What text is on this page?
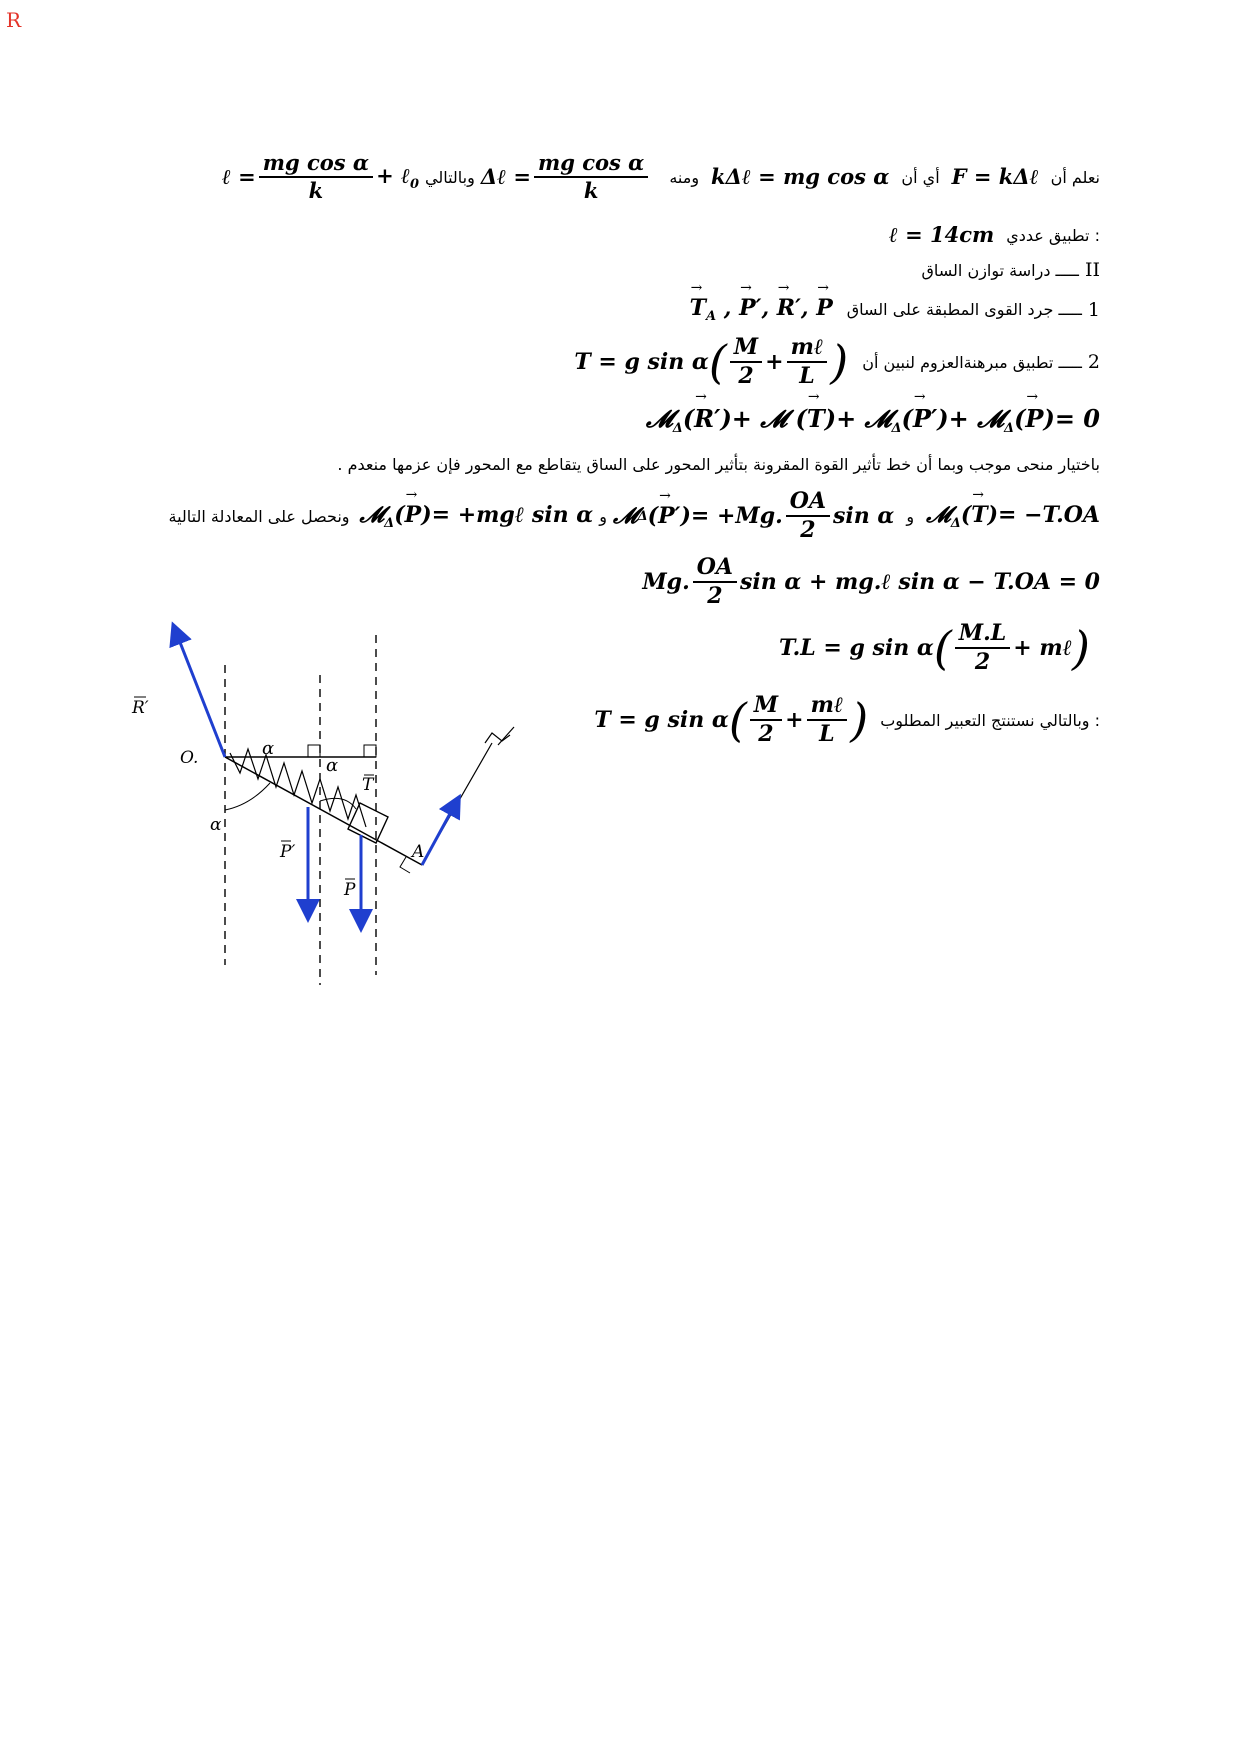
R
ℓ = $\frac{\text{mg cos α}}{k}$ + ℓ$_0$ وبالتالي Δℓ = $\frac{\text{mg cos α}}{k}$ ومنه kΔℓ = mg cos α أي أن F = kΔℓ نعلم أن
ℓ = 14cm تطبيق عددي :
ـــــ دراسة توازن الساق II
→ $T_A$ , → P′, → R′, → P ـــــ جرد القوى المطبقة على الساق 1
T = g sin α ( $\frac{M}{2} + \frac{\text{mℓ}}{L}$ ) ـــــ تطبيق مبرهنةالعزوم لنبين أن 2
𝓜$_\Delta$(→ R′)+ 𝓜 (→ T)+ 𝓜$_\Delta$(→ P′)+ 𝓜$_\Delta$(→ P)= 0
باختيار منحى موجب وبما أن خط تأثير القوة المقرونة بتأثير المحور على الساق يتقاطع مع المحور فإن عزمها منعدم .
ونحصل على المعادلة التالية 𝓜$_\Delta$(→ P)= +mgℓ sin α و 𝓜 Δ (
→ P ′) = +Mg. $\frac{OA}{2}$ sin α و 𝓜$_\Delta$(→ T)= −T.OA
Mg. $\frac{OA}{2}$ sin α + mg.ℓ sin α − T.OA = 0
T.L = g sin α ( $\frac{M.L}{2}$ + mℓ )
T = g sin α ( $\frac{M}{2} + \frac{\text{mℓ}}{L}$ ) وبالتالي نستنتج التعبير المطلوب :
R′
O.	α
α
α
T
P′
P
A
